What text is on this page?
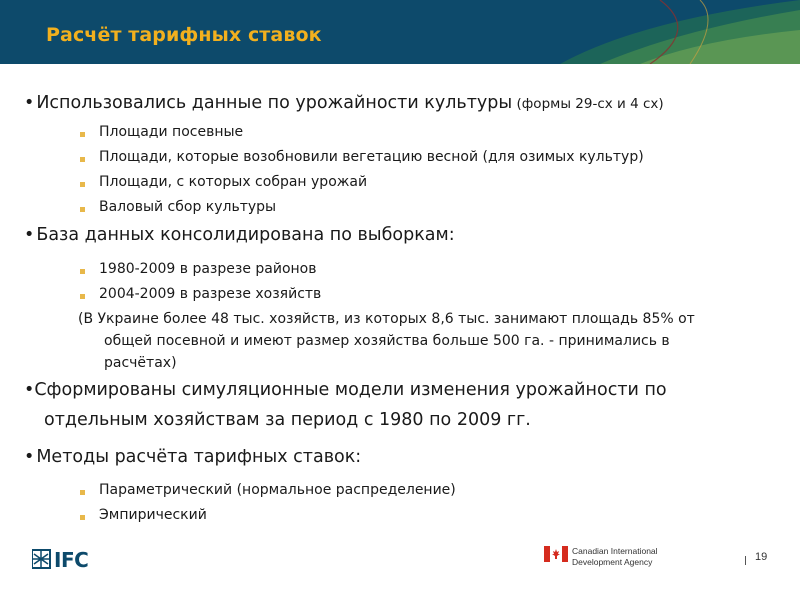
Расчёт тарифных ставок
• Использовались данные по урожайности культуры (формы 29-сх и 4 сх)
Площади посевные
Площади, которые возобновили вегетацию весной (для озимых культур)
Площади, с которых собран урожай
Валовый сбор культуры
• База данных консолидирована по выборкам:
1980-2009 в разрезе районов
2004-2009 в разрезе хозяйств
(В Украине более 48 тыс. хозяйств, из которых 8,6 тыс. занимают площадь 85% от
общей посевной и имеют размер хозяйства больше 500 га. - принимались в
расчётах)
•Сформированы симуляционные модели изменения урожайности по
отдельным хозяйствам за период с 1980 по 2009 гг.
• Методы расчёта тарифных ставок:
Параметрический (нормальное распределение)
Эмпирический
IFC	Canadian International
Development Agency	19
